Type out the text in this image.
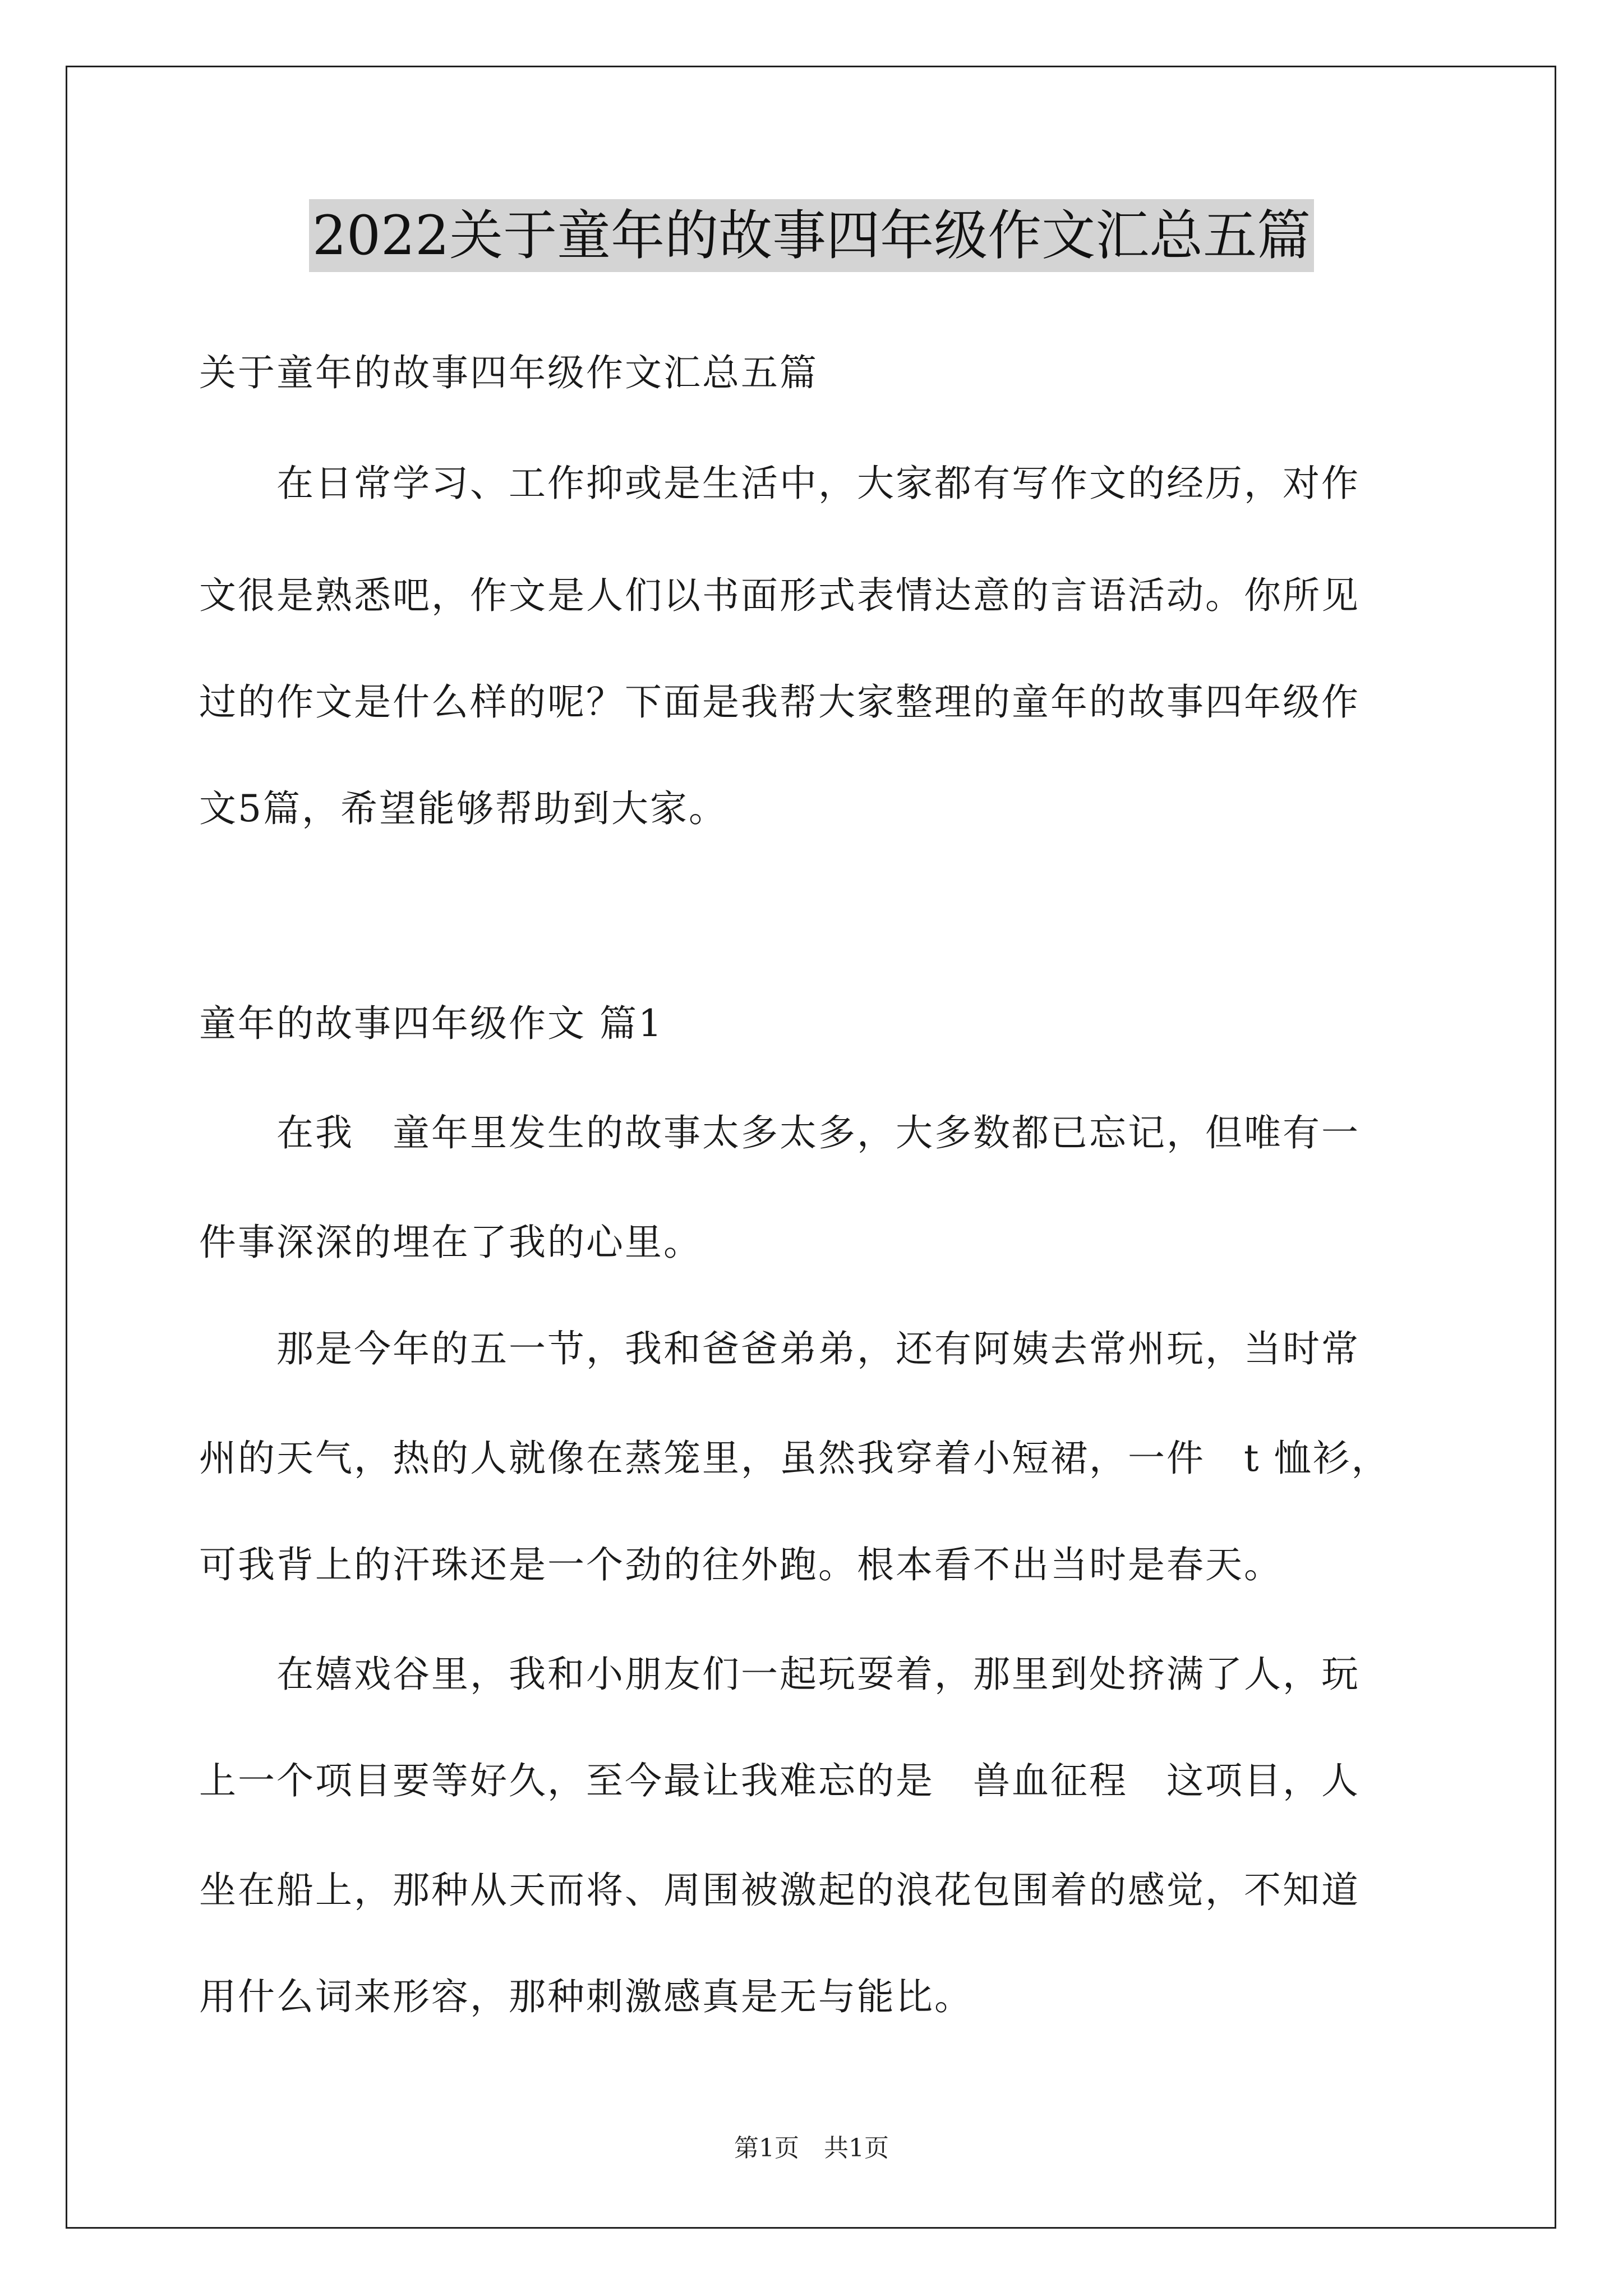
2022关于童年的故事四年级作文汇总五篇
关于童年的故事四年级作文汇总五篇
　　在日常学习、工作抑或是生活中，大家都有写作文的经历，对作
文很是熟悉吧，作文是人们以书面形式表情达意的言语活动。你所见
过的作文是什么样的呢？下面是我帮大家整理的童年的故事四年级作
文5篇，希望能够帮助到大家。
童年的故事四年级作文 篇1
　　在我　童年里发生的故事太多太多，大多数都已忘记，但唯有一
件事深深的埋在了我的心里。
　　那是今年的五一节，我和爸爸弟弟，还有阿姨去常州玩，当时常
州的天气，热的人就像在蒸笼里，虽然我穿着小短裙，一件　t 恤衫，
可我背上的汗珠还是一个劲的往外跑。根本看不出当时是春天。
　　在嬉戏谷里，我和小朋友们一起玩耍着，那里到处挤满了人，玩
上一个项目要等好久，至今最让我难忘的是　兽血征程　这项目，人
坐在船上，那种从天而将、周围被激起的浪花包围着的感觉，不知道
用什么词来形容，那种刺激感真是无与能比。
第1页　共1页
